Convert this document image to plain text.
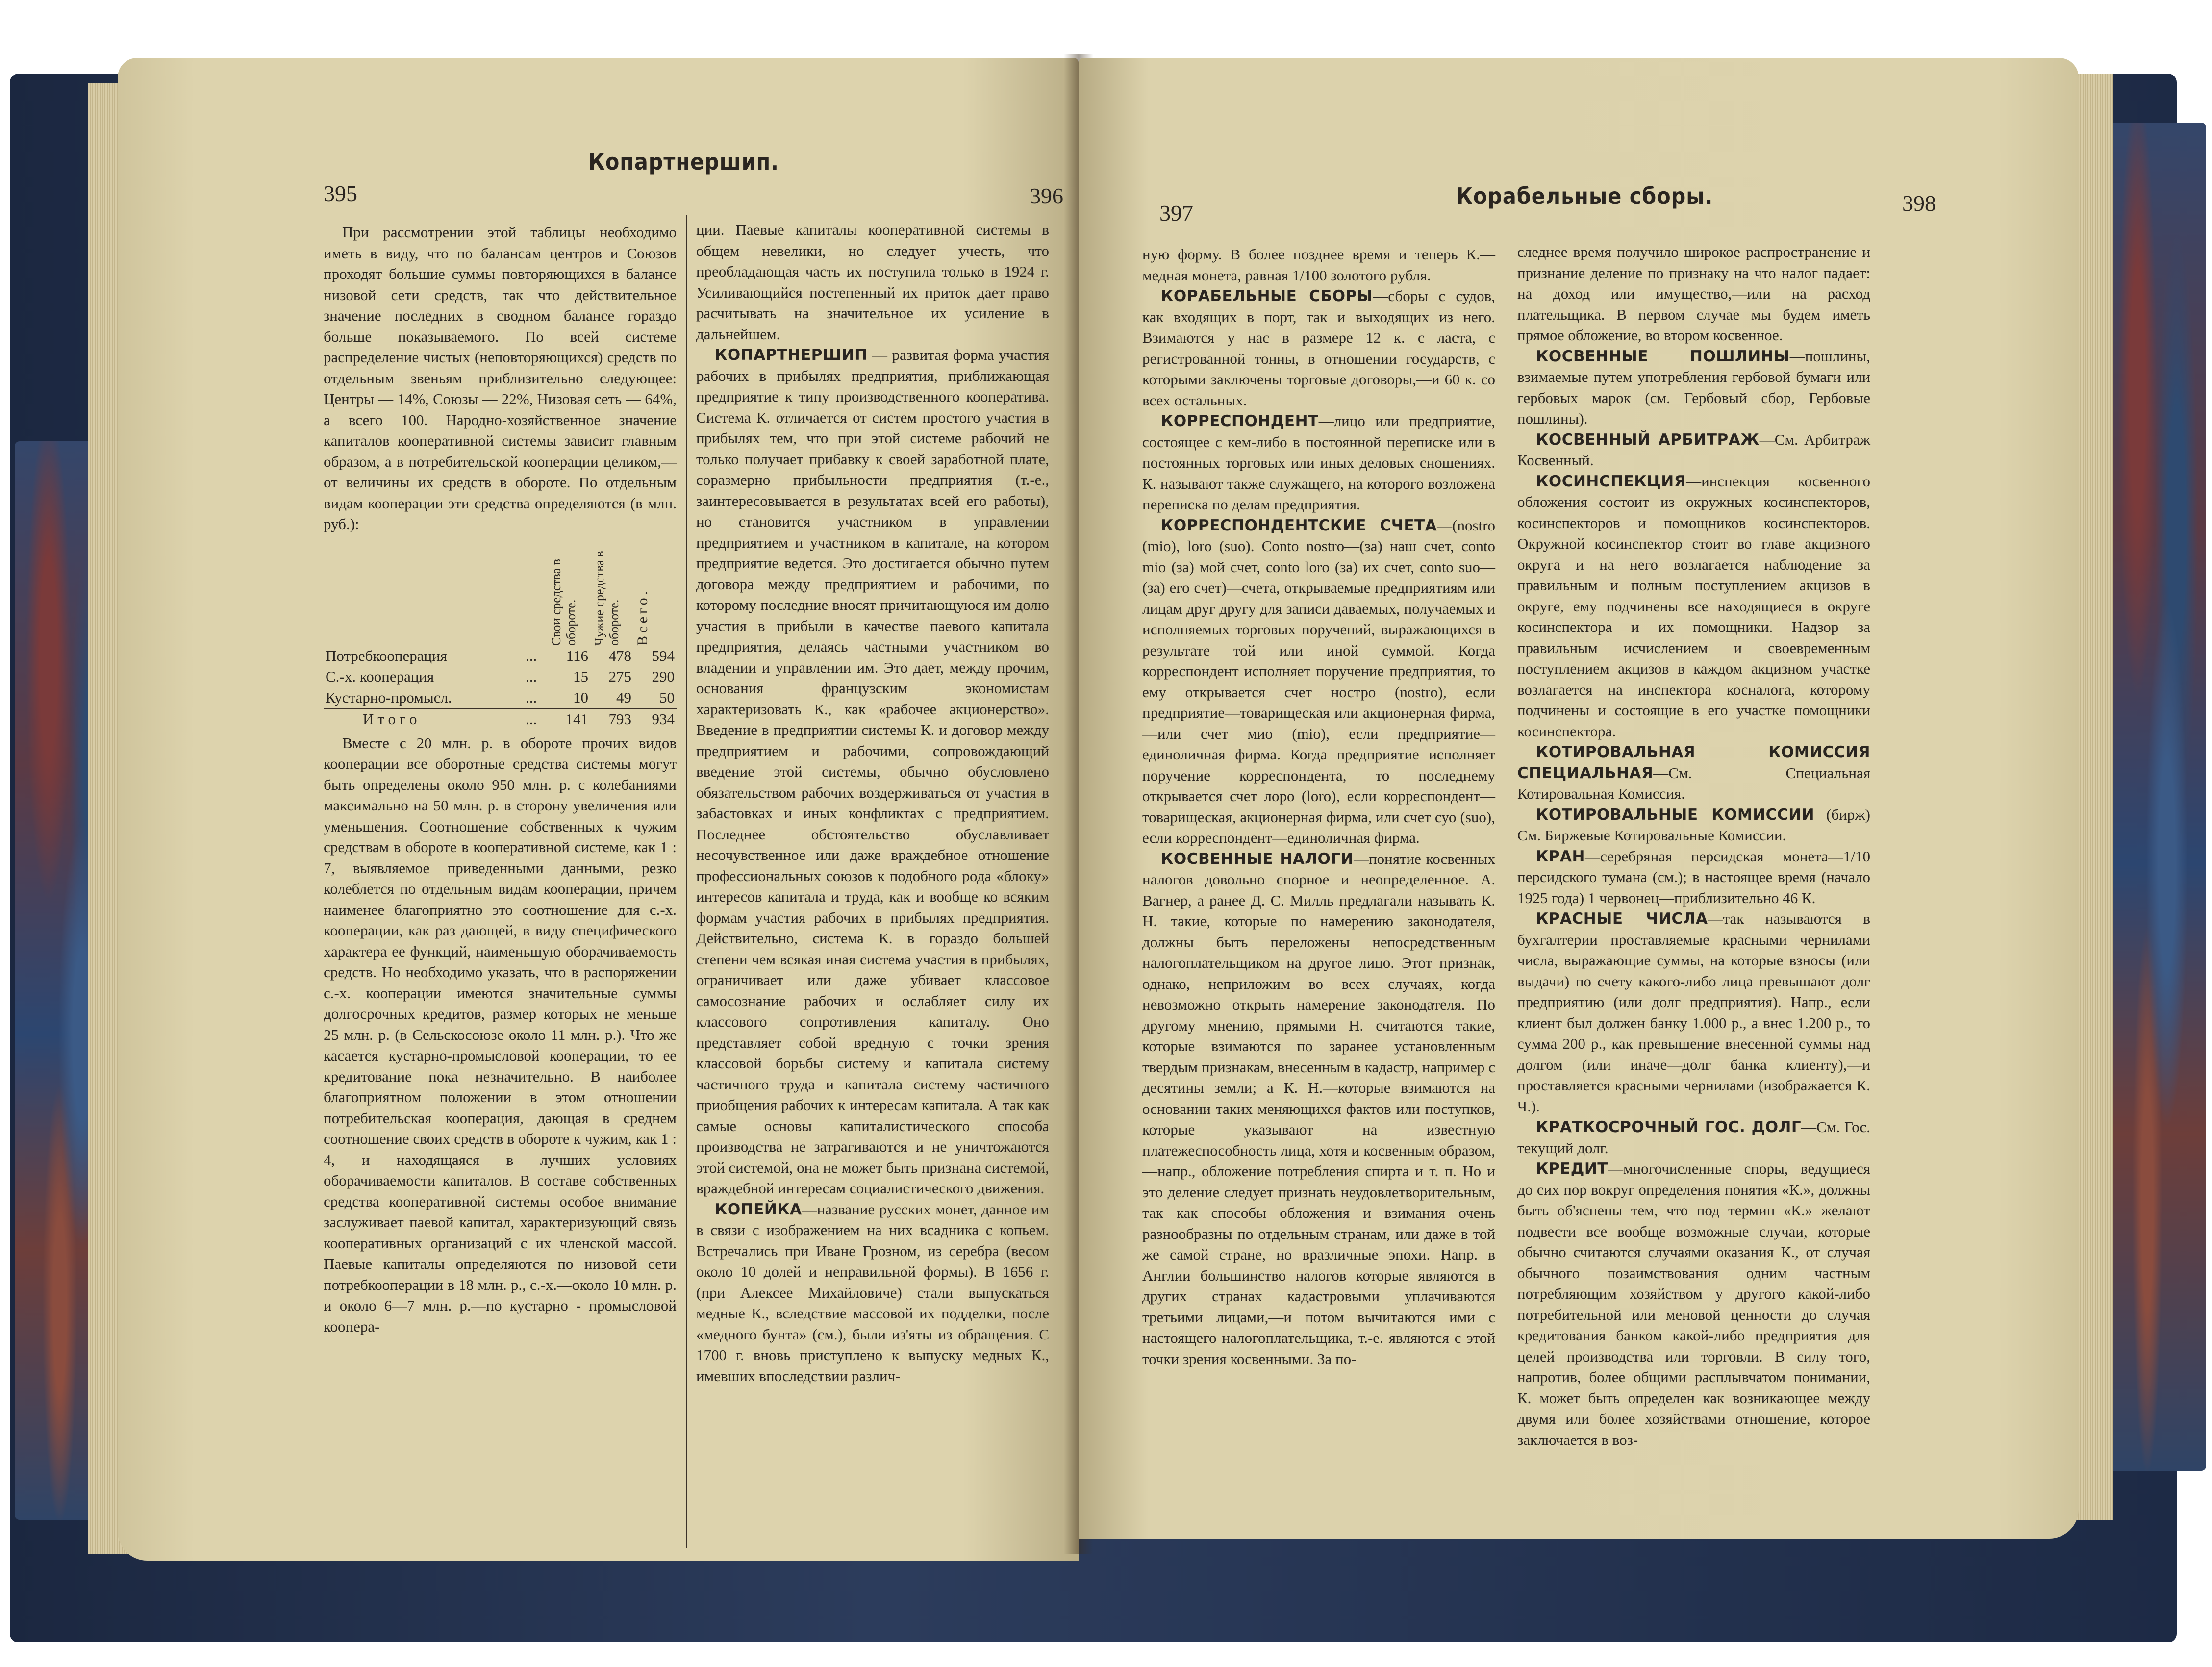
Копартнершип.
395	396

При рассмотрении этой таблицы необходимо иметь в виду, что по балансам центров и Союзов проходят большие суммы повторяющихся в балансе низовой сети средств, так что действительное значение последних в сводном балансе гораздо больше показываемого. По всей системе распределение чистых (неповторяющихся) средств по отдельным звеньям приблизительно следующее: Центры — 14%, Союзы — 22%, Низовая сеть — 64%, а всего 100. Народно-хозяйственное значение капиталов кооперативной системы зависит главным образом, а в потребительской кооперации целиком,—от величины их средств в обороте. По отдельным видам кооперации эти средства определяются (в млн. руб.):

		Свои средства в обороте.	Чужие средства в обороте.	Всего.

Потребкооперация	...	116	478	594
С.-х. кооперация	...	15	275	290
Кустарно-промысл.	...	10	49	50
Итого	...	141	793	934

Вместе с 20 млн. р. в обороте прочих видов кооперации все оборотные средства системы могут быть определены около 950 млн. р. с колебаниями максимально на 50 млн. р. в сторону увеличения или уменьшения. Соотношение собственных к чужим средствам в обороте в кооперативной системе, как 1 : 7, выявляемое приведенными данными, резко колеблется по отдельным видам кооперации, причем наименее благоприятно это соотношение для с.-х. кооперации, как раз дающей, в виду специфического характера ее функций, наименьшую оборачиваемость средств. Но необходимо указать, что в распоряжении с.-х. кооперации имеются значительные суммы долгосрочных кредитов, размер которых не меньше 25 млн. р. (в Сельскосоюзе около 11 млн. р.). Что же касается кустарно-промысловой кооперации, то ее кредитование пока незначительно. В наиболее благоприятном положении в этом отношении потребительская кооперация, дающая в среднем соотношение своих средств в обороте к чужим, как 1 : 4, и находящаяся в лучших условиях оборачиваемости капиталов. В составе собственных средства кооперативной системы особое внимание заслуживает паевой капитал, характеризующий связь кооперативных организаций с их членской массой. Паевые капиталы определяются по низовой сети потребкооперации в 18 млн. р., с.-х.—около 10 млн. р. и около 6—7 млн. р.—по кустарно - промысловой коопера-

ции. Паевые капиталы кооперативной системы в общем невелики, но следует учесть, что преобладающая часть их поступила только в 1924 г. Усиливающийся постепенный их приток дает право расчитывать на значительное их усиление в дальнейшем.

КОПАРТНЕРШИП — развитая форма участия рабочих в прибылях предприятия, приближающая предприятие к типу производственного кооператива. Система К. отличается от систем простого участия в прибылях тем, что при этой системе рабочий не только получает прибавку к своей заработной плате, соразмерно прибыльности предприятия (т.-е., заинтересовывается в результатах всей его работы), но становится участником в управлении предприятием и участником в капитале, на котором предприятие ведется. Это достигается обычно путем договора между предприятием и рабочими, по которому последние вносят причитающуюся им долю участия в прибыли в качестве паевого капитала предприятия, делаясь частными участником во владении и управлении им. Это дает, между прочим, основания французским экономистам характеризовать К., как «рабочее акционерство». Введение в предприятии системы К. и договор между предприятием и рабочими, сопровождающий введение этой системы, обычно обусловлено обязательством рабочих воздерживаться от участия в забастовках и иных конфликтах с предприятием. Последнее обстоятельство обуславливает несочувственное или даже враждебное отношение профессиональных союзов к подобного рода «блоку» интересов капитала и труда, как и вообще ко всяким формам участия рабочих в прибылях предприятия. Действительно, система К. в гораздо большей степени чем всякая иная система участия в прибылях, ограничивает или даже убивает классовое самосознание рабочих и ослабляет силу их классового сопротивления капиталу. Оно представляет собой вредную с точки зрения классовой борьбы систему и капитала систему частичного труда и капитала систему частичного приобщения рабочих к интересам капитала. А так как самые основы капиталистического способа производства не затрагиваются и не уничтожаются этой системой, она не может быть признана системой, враждебной интересам социалистического движения.

КОПЕЙКА—название русских монет, данное им в связи с изображением на них всадника с копьем. Встречались при Иване Грозном, из серебра (весом около 10 долей и неправильной формы). В 1656 г. (при Алексее Михайловиче) стали выпускаться медные К., вследствие массовой их подделки, после «медного бунта» (см.), были из'яты из обращения. С 1700 г. вновь приступлено к выпуску медных К., имевших впоследствии различ-

Корабельные сборы.
397	398

ную форму. В более позднее время и теперь К.—медная монета, равная 1/100 золотого рубля.

КОРАБЕЛЬНЫЕ СБОРЫ—сборы с судов, как входящих в порт, так и выходящих из него. Взимаются у нас в размере 12 к. с ласта, с регистрованной тонны, в отношении государств, с которыми заключены торговые договоры,—и 60 к. со всех остальных.

КОРРЕСПОНДЕНТ—лицо или предприятие, состоящее с кем-либо в постоянной переписке или в постоянных торговых или иных деловых сношениях. К. называют также служащего, на которого возложена переписка по делам предприятия.

КОРРЕСПОНДЕНТСКИЕ СЧЕТА—(nostro (mio), loro (suo). Conto nostro—(за) наш счет, conto mio (за) мой счет, conto loro (за) их счет, conto suo—(за) его счет)—счета, открываемые предприятиям или лицам друг другу для записи даваемых, получаемых и исполняемых торговых поручений, выражающихся в результате той или иной суммой. Когда корреспондент исполняет поручение предприятия, то ему открывается счет ностро (nostro), если предприятие—товарищеская или акционерная фирма,—или счет мио (mio), если предприятие—единоличная фирма. Когда предприятие исполняет поручение корреспондента, то последнему открывается счет лоро (loro), если корреспондент—товарищеская, акционерная фирма, или счет суо (suo), если корреспондент—единоличная фирма.

КОСВЕННЫЕ НАЛОГИ—понятие косвенных налогов довольно спорное и неопределенное. А. Вагнер, а ранее Д. С. Милль предлагали называть К. Н. такие, которые по намерению законодателя, должны быть переложены непосредственным налогоплательщиком на другое лицо. Этот признак, однако, неприложим во всех случаях, когда невозможно открыть намерение законодателя. По другому мнению, прямыми Н. считаются такие, которые взимаются по заранее установленным твердым признакам, внесенным в кадастр, например с десятины земли; а К. Н.—которые взимаются на основании таких меняющихся фактов или поступков, которые указывают на известную платежеспособность лица, хотя и косвенным образом,—напр., обложение потребления спирта и т. п. Но и это деление следует признать неудовлетворительным, так как способы обложения и взимания очень разнообразны по отдельным странам, или даже в той же самой стране, но вразличные эпохи. Напр. в Англии большинство налогов которые являются в других странах кадастровыми уплачиваются третьими лицами,—и потом вычитаются ими с настоящего налогоплательщика, т.-е. являются с этой точки зрения косвенными. За по-

следнее время получило широкое распространение и признание деление по признаку на что налог падает: на доход или имущество,—или на расход плательщика. В первом случае мы будем иметь прямое обложение, во втором косвенное.

КОСВЕННЫЕ ПОШЛИНЫ—пошлины, взимаемые путем употребления гербовой бумаги или гербовых марок (см. Гербовый сбор, Гербовые пошлины).

КОСВЕННЫЙ АРБИТРАЖ—См. Арбитраж Косвенный.

КОСИНСПЕКЦИЯ—инспекция косвенного обложения состоит из окружных косинспекторов, косинспекторов и помощников косинспекторов. Окружной косинспектор стоит во главе акцизного округа и на него возлагается наблюдение за правильным и полным поступлением акцизов в округе, ему подчинены все находящиеся в округе косинспектора и их помощники. Надзор за правильным исчислением и своевременным поступлением акцизов в каждом акцизном участке возлагается на инспектора косналога, которому подчинены и состоящие в его участке помощники косинспектора.

КОТИРОВАЛЬНАЯ КОМИССИЯ СПЕЦИАЛЬНАЯ—См. Специальная Котировальная Комиссия.

КОТИРОВАЛЬНЫЕ КОМИССИИ (бирж) См. Биржевые Котировальные Комиссии.

КРАН—серебряная персидская монета—1/10 персидского тумана (см.); в настоящее время (начало 1925 года) 1 червонец—приблизительно 46 К.

КРАСНЫЕ ЧИСЛА—так называются в бухгалтерии проставляемые красными чернилами числа, выражающие суммы, на которые взносы (или выдачи) по счету какого-либо лица превышают долг предприятию (или долг предприятия). Напр., если клиент был должен банку 1.000 р., а внес 1.200 р., то сумма 200 р., как превышение внесенной суммы над долгом (или иначе—долг банка клиенту),—и проставляется красными чернилами (изображается К. Ч.).

КРАТКОСРОЧНЫЙ ГОС. ДОЛГ—См. Гос. текущий долг.

КРЕДИТ—многочисленные споры, ведущиеся до сих пор вокруг определения понятия «К.», должны быть об'яснены тем, что под термин «К.» желают подвести все вообще возможные случаи, которые обычно считаются случаями оказания К., от случая обычного позаимствования одним частным потребляющим хозяйством у другого какой-либо потребительной или меновой ценности до случая кредитования банком какой-либо предприятия для целей производства или торговли. В силу того, напротив, более общими расплывчатом понимании, К. может быть определен как возникающее между двумя или более хозяйствами отношение, которое заключается в воз-
